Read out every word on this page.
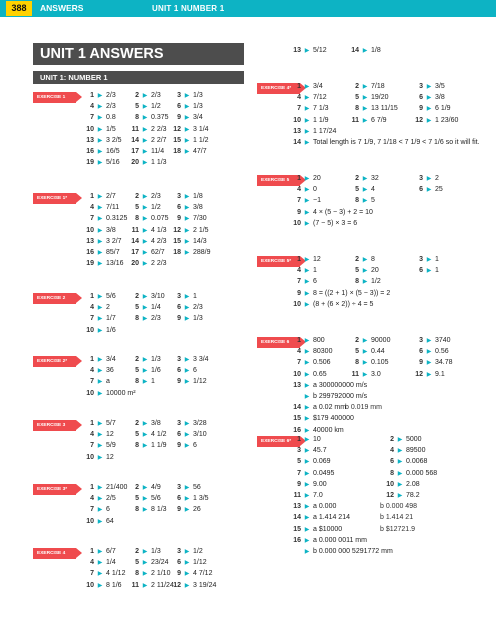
388	ANSWERS	UNIT 1 NUMBER 1
UNIT 1 ANSWERS
UNIT 1: NUMBER 1
EXERCISE 1	1 ▶ 2/3	2 ▶ 2/3	3 ▶ 1/3
4 ▶ 2/3	5 ▶ 1/2	6 ▶ 1/3
7 ▶ 0.8	8 ▶ 0.375	9 ▶ 3/4
10 ▶ 1/5	11 ▶ 2 2/3 12 ▶ 3 1/4
13 ▶ 3 2/5	14 ▶ 2 2/7 15 ▶ 1 1/2
16 ▶ 16/5	17 ▶ 11/4	18 ▶ 47/7
19 ▶ 5/16	20 ▶ 1 1/3
EXERCISE 1*	1 ▶ 2/7	2 ▶ 2/3	3 ▶ 1/8
4 ▶ 7/11	5 ▶ 1/2	6 ▶ 3/8
7 ▶ 0.3125	8 ▶ 0.075	9 ▶ 7/30
10 ▶ 3/8	11 ▶ 4 1/3 12 ▶ 2 1/5
13 ▶ 3 2/7	14 ▶ 4 2/3 15 ▶ 14/3
16 ▶ 85/7	17 ▶ 62/7	18 ▶ 288/9
19 ▶ 13/16	20 ▶ 2 2/3
EXERCISE 2	1 ▶ 5/6	2 ▶ 3/10	3 ▶ 1
4 ▶ 2	5 ▶ 1/4	6 ▶ 2/3
7 ▶ 1/7	8 ▶ 2/3	9 ▶ 1/3
10 ▶ 1/6
EXERCISE 2*	1 ▶ 3/4	2 ▶ 1/3	3 ▶ 3 3/4
4 ▶ 36	5 ▶ 1/6	6 ▶ 6
7 ▶ a	8 ▶ 1	9 ▶ 1/12
10 ▶ 10000 m²
EXERCISE 3	1 ▶ 5/7	2 ▶ 3/8	3 ▶ 3/28
4 ▶ 12	5 ▶ 4 1/2	6 ▶ 3/10
7 ▶ 5/9	8 ▶ 1 1/9	9 ▶ 6
10 ▶ 12
EXERCISE 3*	1 ▶ 21/400	2 ▶ 4/9	3 ▶ 56
4 ▶ 2/5	5 ▶ 5/6	6 ▶ 1 3/5
7 ▶ 6	8 ▶ 8 1/3	9 ▶ 26
10 ▶ 64
EXERCISE 4	1 ▶ 6/7	2 ▶ 1/3	3 ▶ 1/2
4 ▶ 1/4	5 ▶ 23/24	6 ▶ 1/12
7 ▶ 4 1/12	8 ▶ 2 1/10 9 ▶ 4 7/12
10 ▶ 8 1/6	11 ▶ 2 11/24 12 ▶ 3 19/24
13 ▶ 5/12	14 ▶ 1/8
EXERCISE 4* 1 ▶ 3/4	2 ▶ 7/18	3 ▶ 3/5
4 ▶ 7/12	5 ▶ 19/20	6 ▶ 3/8
7 ▶ 7 1/3	8 ▶ 13 11/15	9 ▶ 6 1/9
10 ▶ 1 1/9	11 ▶ 6 7/9	12 ▶ 1 23/60
13 ▶ 1 17/24
14 ▶ Total length is 7 1/9, 7 1/18 < 7 1/9 < 7 1/6 so it will fit.
EXERCISE 5	1 ▶ 20	2 ▶ 32	3 ▶ 2
4 ▶ 0	5 ▶ 4	6 ▶ 25
7 ▶ −1	8 ▶ 5
9 ▶ 4 × (5 − 3) + 2 = 10
10 ▶ (7 − 5) × 3 = 6
EXERCISE 5* 1 ▶ 12	2 ▶ 8	3 ▶ 1
4 ▶ 1	5 ▶ 20	6 ▶ 1
7 ▶ 6	8 ▶ 1/2
9 ▶ 8 = ((2 + 1) × (5 − 3)) = 2
10 ▶ (8 + (6 × 2)) ÷ 4 = 5
EXERCISE 6	1 ▶ 800	2 ▶ 90000	3 ▶ 3740
4 ▶ 80300	5 ▶ 0.44	6 ▶ 0.56
7 ▶ 0.506	8 ▶ 0.105	9 ▶ 34.78
10 ▶ 0.65	11 ▶ 3.0	12 ▶ 9.1
13 ▶ a 300000000 m/s
▶ b 299792000 m/s
14 ▶ a 0.02 mm
b 0.019 mm
15 ▶ $179 400000
16 ▶ 40000 km
EXERCISE 6* 1 ▶ 10	2 ▶ 5000
3 ▶ 45.7	4 ▶ 89500
5 ▶ 0.069	6 ▶ 0.0068
7 ▶ 0.0495	8 ▶ 0.000 568
9 ▶ 9.00	10 ▶ 2.08
11 ▶ 7.0	12 ▶ 78.2
13 ▶ a 0.000	b 0.000 498
14 ▶ a 1.414 214	b 1.414 21
15 ▶ a $10000	b $12721.9
16 ▶ a 0.000 0011 mm
▶ b 0.000 000 5291772 mm
